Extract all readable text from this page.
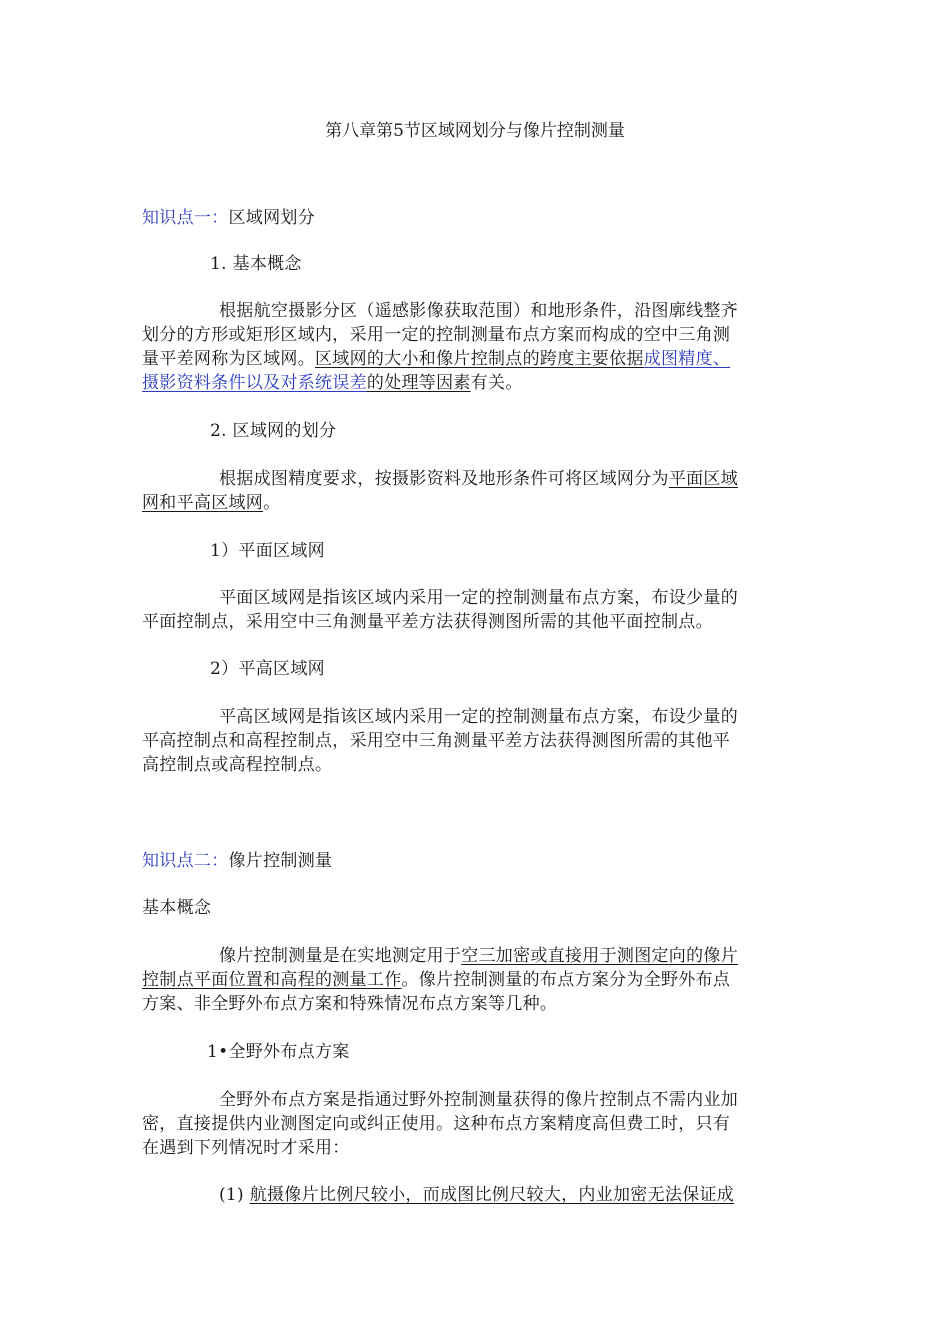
第八章第5节区域网划分与像片控制测量
知识点一：区域网划分
1. 基本概念
根据航空摄影分区（遥感影像获取范围）和地形条件，沿图廓线整齐
划分的方形或矩形区域内，采用一定的控制测量布点方案而构成的空中三角测
量平差网称为区域网。区域网的大小和像片控制点的跨度主要依据成图精度、
摄影资料条件以及对系统误差的处理等因素有关。
2. 区域网的划分
根据成图精度要求，按摄影资料及地形条件可将区域网分为平面区域
网和平高区域网。
1）平面区域网
平面区域网是指该区域内采用一定的控制测量布点方案，布设少量的
平面控制点，采用空中三角测量平差方法获得测图所需的其他平面控制点。
2）平高区域网
平高区域网是指该区域内采用一定的控制测量布点方案，布设少量的
平高控制点和高程控制点，采用空中三角测量平差方法获得测图所需的其他平
高控制点或高程控制点。
知识点二：像片控制测量
基本概念
像片控制测量是在实地测定用于空三加密或直接用于测图定向的像片
控制点平面位置和高程的测量工作。像片控制测量的布点方案分为全野外布点
方案、非全野外布点方案和特殊情况布点方案等几种。
1•全野外布点方案
全野外布点方案是指通过野外控制测量获得的像片控制点不需内业加
密，直接提供内业测图定向或纠正使用。这种布点方案精度高但费工时，只有
在遇到下列情况时才采用：
(1) 航摄像片比例尺较小，而成图比例尺较大，内业加密无法保证成
